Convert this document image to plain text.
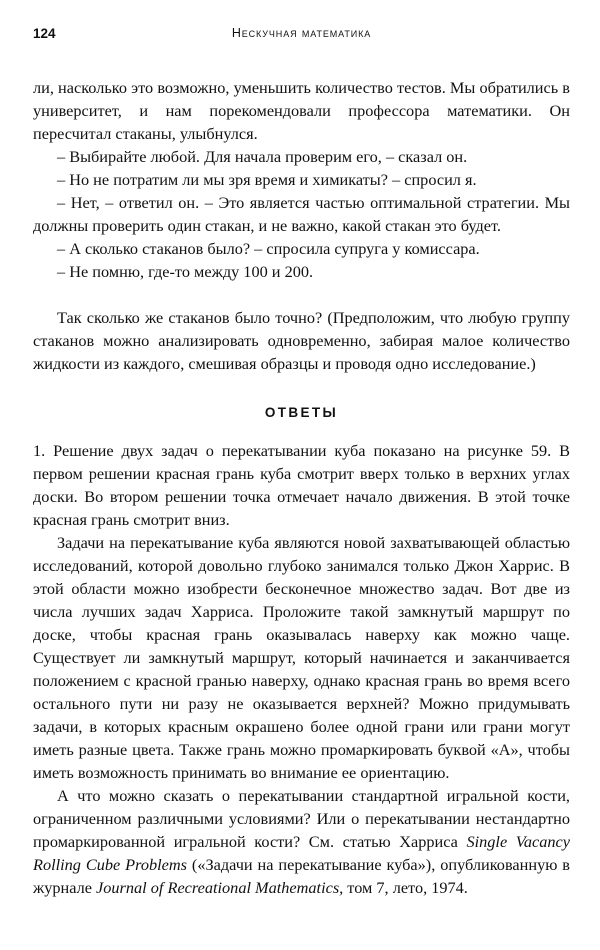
124	Нескучная математика

ли, насколько это возможно, уменьшить количество тестов. Мы обратились в университет, и нам порекомендовали профессора математики. Он пересчитал стаканы, улыбнулся.

– Выбирайте любой. Для начала проверим его, – сказал он.

– Но не потратим ли мы зря время и химикаты? – спросил я.

– Нет, – ответил он. – Это является частью оптимальной стратегии. Мы должны проверить один стакан, и не важно, какой стакан это будет.

– А сколько стаканов было? – спросила супруга у комиссара.

– Не помню, где-то между 100 и 200.

Так сколько же стаканов было точно? (Предположим, что любую группу стаканов можно анализировать одновременно, забирая малое количество жидкости из каждого, смешивая образцы и проводя одно исследование.)

ОТВЕТЫ

1. Решение двух задач о перекатывании куба показано на рисунке 59. В первом решении красная грань куба смотрит вверх только в верхних углах доски. Во втором решении точка отмечает начало движения. В этой точке красная грань смотрит вниз.

Задачи на перекатывание куба являются новой захватывающей областью исследований, которой довольно глубоко занимался только Джон Харрис. В этой области можно изобрести бесконечное множество задач. Вот две из числа лучших задач Харриса. Проложите такой замкнутый маршрут по доске, чтобы красная грань оказывалась наверху как можно чаще. Существует ли замкнутый маршрут, который начинается и заканчивается положением с красной гранью наверху, однако красная грань во время всего остального пути ни разу не оказывается верхней? Можно придумывать задачи, в которых красным окрашено более одной грани или грани могут иметь разные цвета. Также грань можно промаркировать буквой «А», чтобы иметь возможность принимать во внимание ее ориентацию.

А что можно сказать о перекатывании стандартной игральной кости, ограниченном различными условиями? Или о перекатывании нестандартно промаркированной игральной кости? См. статью Харриса Single Vacancy Rolling Cube Problems («Задачи на перекатывание куба»), опубликованную в журнале Journal of Recreational Mathematics, том 7, лето, 1974.
